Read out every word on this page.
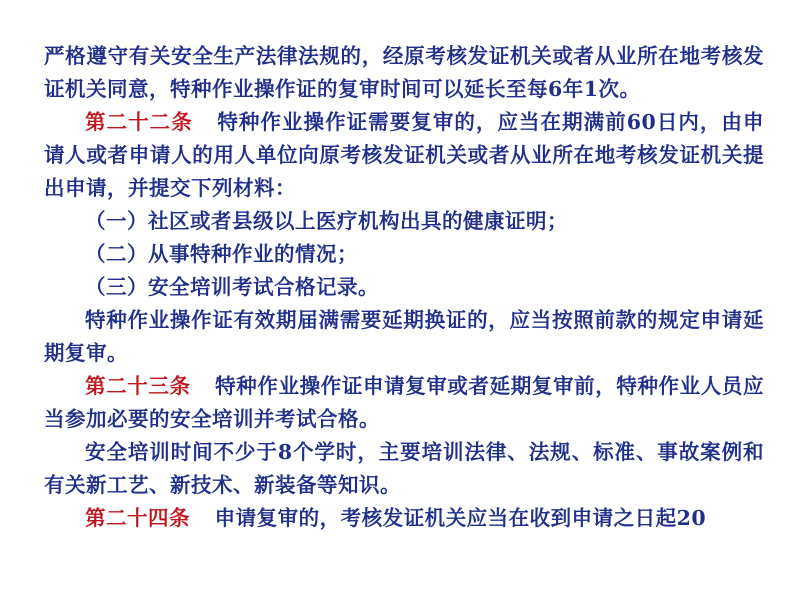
严格遵守有关安全生产法律法规的，经原考核发证机关或者从业所在地考核发证机关同意，特种作业操作证的复审时间可以延长至每6年1次。

第二十二条 特种作业操作证需要复审的，应当在期满前60日内，由申请人或者申请人的用人单位向原考核发证机关或者从业所在地考核发证机关提出申请，并提交下列材料：

（一）社区或者县级以上医疗机构出具的健康证明；

（二）从事特种作业的情况；

（三）安全培训考试合格记录。

特种作业操作证有效期届满需要延期换证的，应当按照前款的规定申请延期复审。

第二十三条 特种作业操作证申请复审或者延期复审前，特种作业人员应当参加必要的安全培训并考试合格。

安全培训时间不少于8个学时，主要培训法律、法规、标准、事故案例和有关新工艺、新技术、新装备等知识。

第二十四条 申请复审的，考核发证机关应当在收到申请之日起20
